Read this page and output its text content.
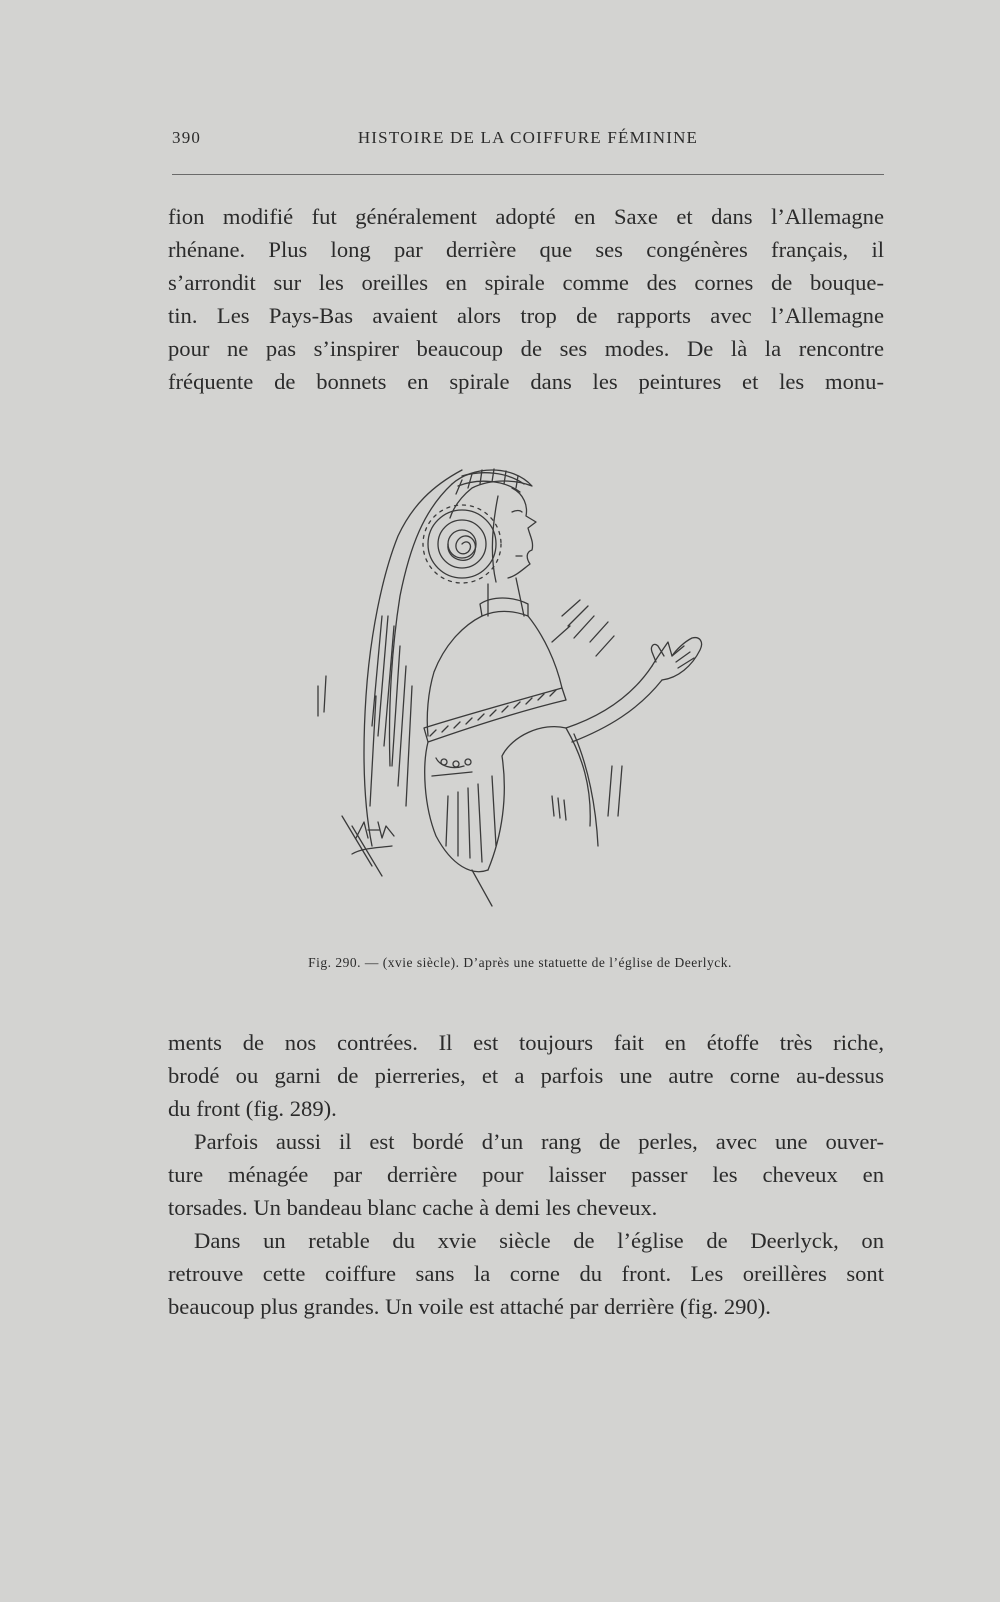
390	HISTOIRE DE LA COIFFURE FÉMININE
fion modifié fut généralement adopté en Saxe et dans l’Allemagne
rhénane. Plus long par derrière que ses congénères français, il
s’arrondit sur les oreilles en spirale comme des cornes de bouque-
tin. Les Pays-Bas avaient alors trop de rapports avec l’Allemagne
pour ne pas s’inspirer beaucoup de ses modes. De là la rencontre
fréquente de bonnets en spirale dans les peintures et les monu-
Fig. 290. — (xvie siècle). D’après une statuette de l’église de Deerlyck.
ments de nos contrées. Il est toujours fait en étoffe très riche,
brodé ou garni de pierreries, et a parfois une autre corne au-dessus
du front (fig. 289).
Parfois aussi il est bordé d’un rang de perles, avec une ouver-
ture ménagée par derrière pour laisser passer les cheveux en
torsades. Un bandeau blanc cache à demi les cheveux.
Dans un retable du xvie siècle de l’église de Deerlyck, on
retrouve cette coiffure sans la corne du front. Les oreillères sont
beaucoup plus grandes. Un voile est attaché par derrière (fig. 290).
